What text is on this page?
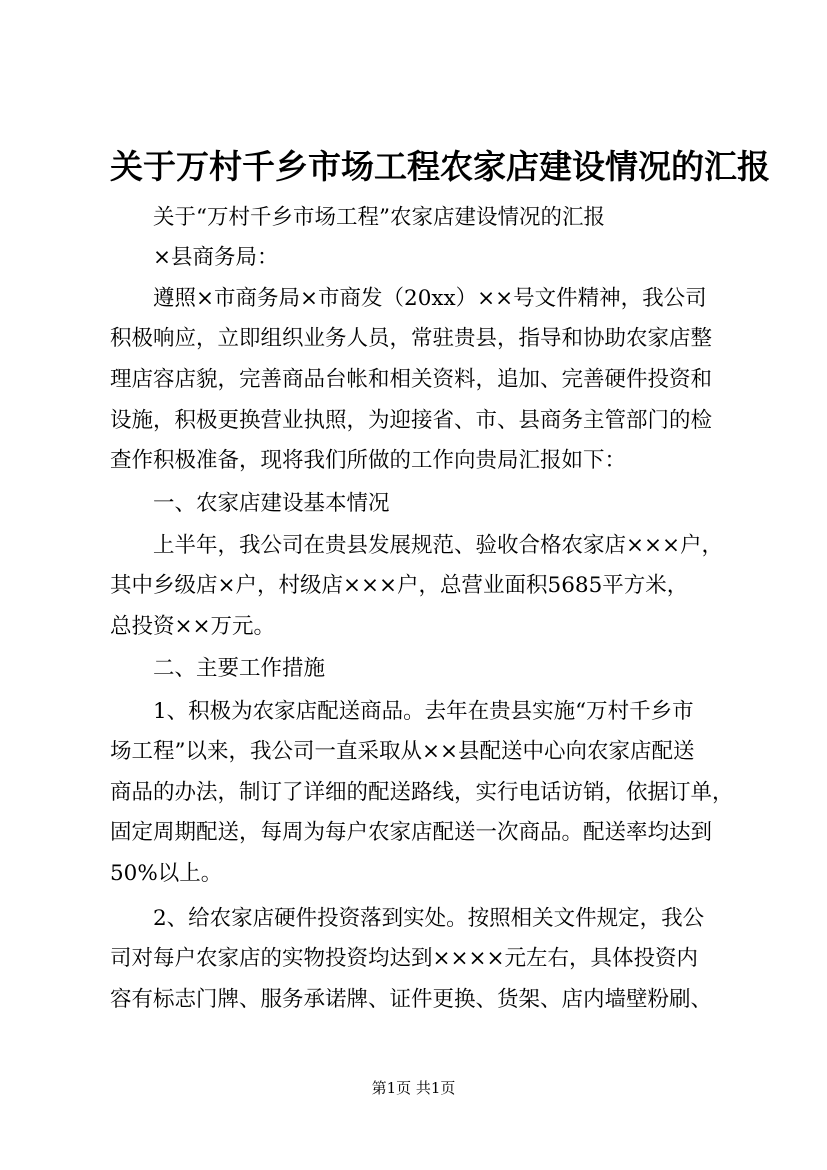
关于万村千乡市场工程农家店建设情况的汇报
关于“万村千乡市场工程”农家店建设情况的汇报
×县商务局：
遵照×市商务局×市商发（20xx）××号文件精神，我公司
积极响应，立即组织业务人员，常驻贵县，指导和协助农家店整
理店容店貌，完善商品台帐和相关资料，追加、完善硬件投资和
设施，积极更换营业执照，为迎接省、市、县商务主管部门的检
查作积极准备，现将我们所做的工作向贵局汇报如下：
一、农家店建设基本情况
上半年，我公司在贵县发展规范、验收合格农家店×××户，
其中乡级店×户，村级店×××户，总营业面积5685平方米，
总投资××万元。
二、主要工作措施
1、积极为农家店配送商品。去年在贵县实施“万村千乡市
场工程”以来，我公司一直采取从××县配送中心向农家店配送
商品的办法，制订了详细的配送路线，实行电话访销，依据订单，
固定周期配送，每周为每户农家店配送一次商品。配送率均达到
50%以上。
2、给农家店硬件投资落到实处。按照相关文件规定，我公
司对每户农家店的实物投资均达到××××元左右，具体投资内
容有标志门牌、服务承诺牌、证件更换、货架、店内墙壁粉刷、
第1页 共1页
